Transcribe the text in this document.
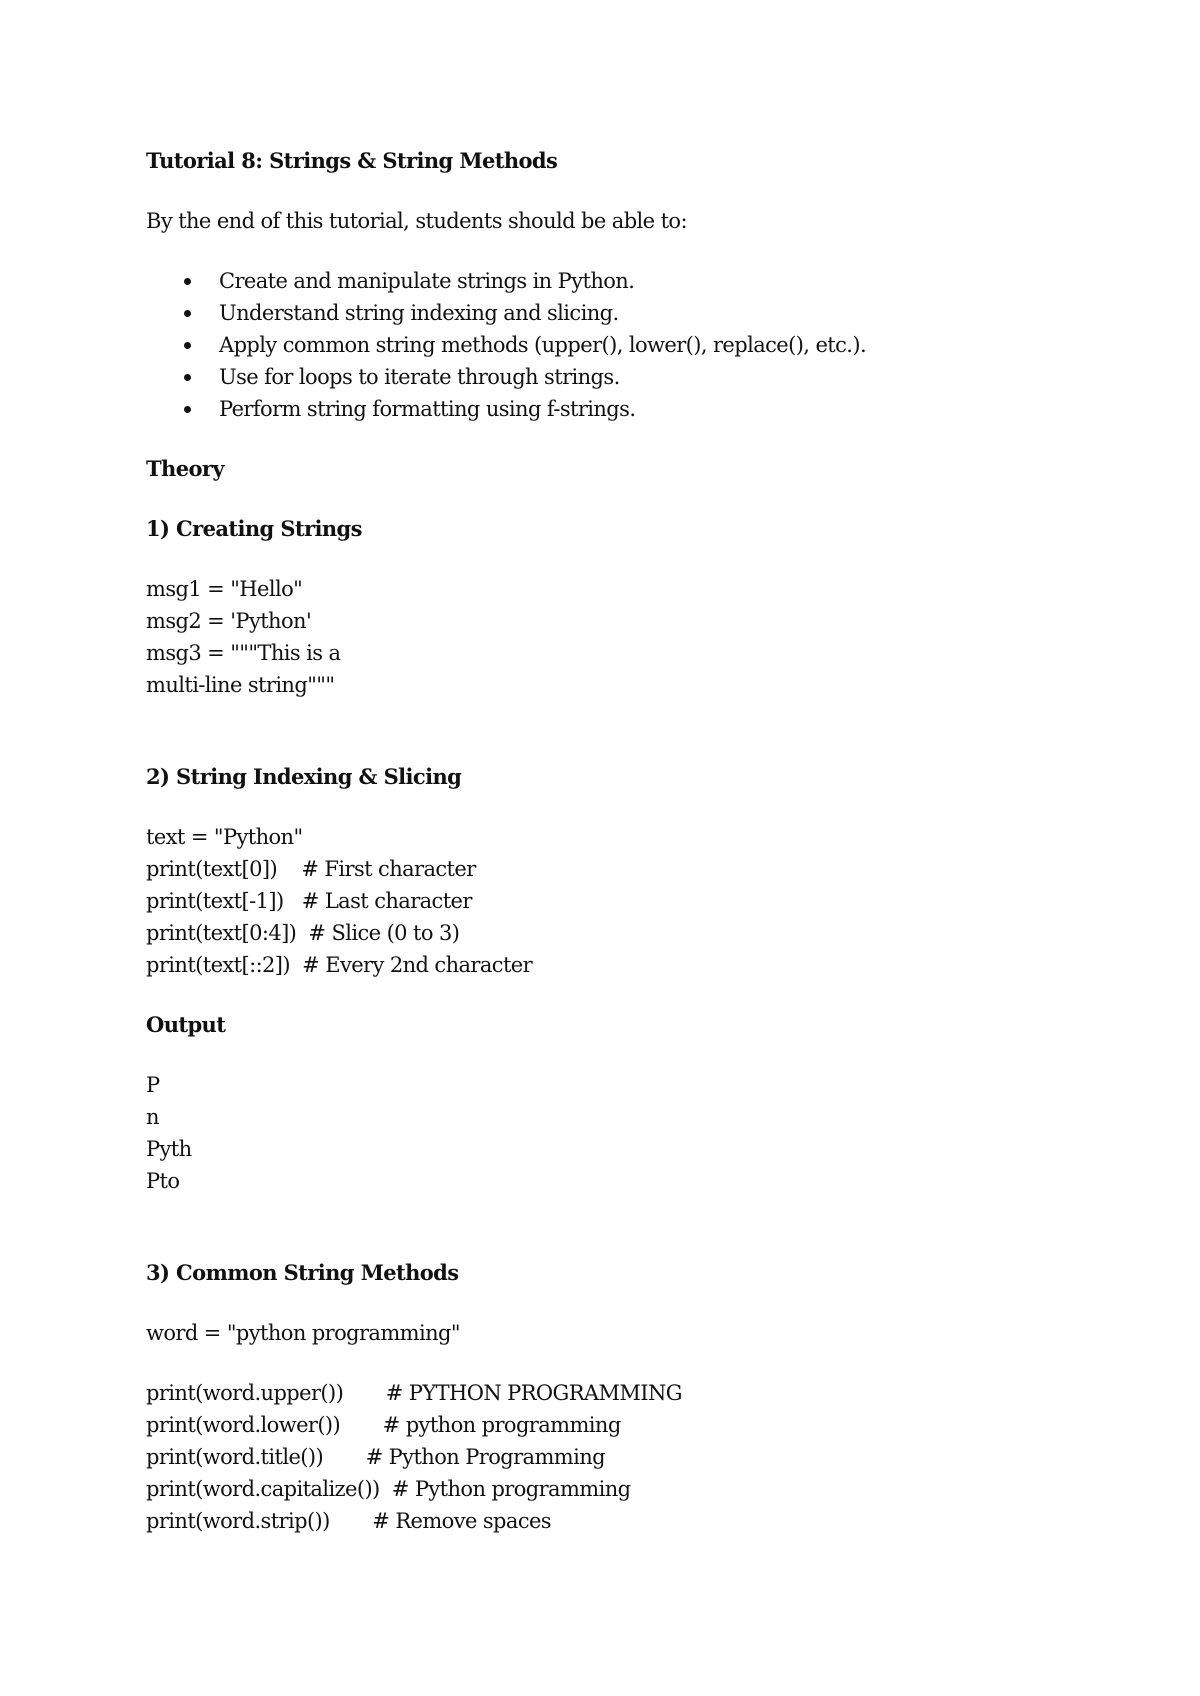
Tutorial 8: Strings & String Methods
By the end of this tutorial, students should be able to:
Create and manipulate strings in Python.
Understand string indexing and slicing.
Apply common string methods (upper(), lower(), replace(), etc.).
Use for loops to iterate through strings.
Perform string formatting using f-strings.
Theory
1) Creating Strings
msg1 = "Hello"
msg2 = 'Python'
msg3 = """This is a
multi-line string"""
2) String Indexing & Slicing
text = "Python"
print(text[0])    # First character
print(text[-1])   # Last character
print(text[0:4])  # Slice (0 to 3)
print(text[::2])  # Every 2nd character
Output
P
n
Pyth
Pto
3) Common String Methods
word = "python programming"
print(word.upper())       # PYTHON PROGRAMMING
print(word.lower())       # python programming
print(word.title())       # Python Programming
print(word.capitalize())  # Python programming
print(word.strip())       # Remove spaces
